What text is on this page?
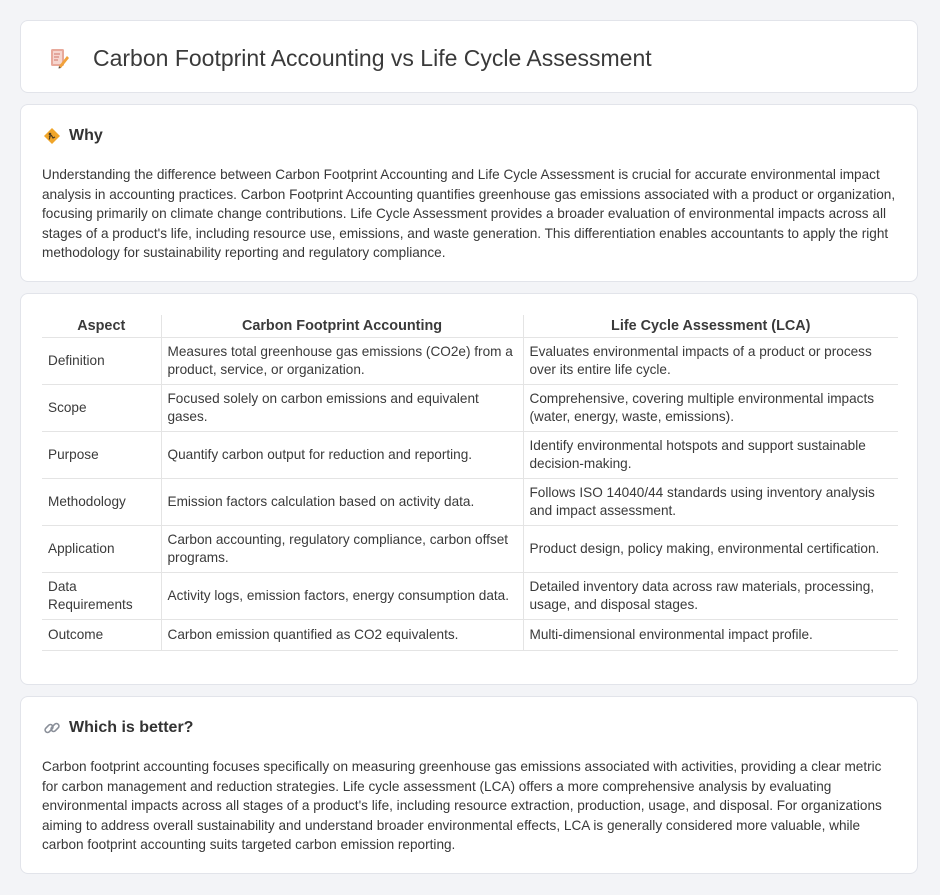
Carbon Footprint Accounting vs Life Cycle Assessment
Why
Understanding the difference between Carbon Footprint Accounting and Life Cycle Assessment is crucial for accurate environmental impact analysis in accounting practices. Carbon Footprint Accounting quantifies greenhouse gas emissions associated with a product or organization, focusing primarily on climate change contributions. Life Cycle Assessment provides a broader evaluation of environmental impacts across all stages of a product's life, including resource use, emissions, and waste generation. This differentiation enables accountants to apply the right methodology for sustainability reporting and regulatory compliance.
Aspect	Carbon Footprint Accounting	Life Cycle Assessment (LCA)
Definition	Measures total greenhouse gas emissions (CO2e) from a product, service, or organization.	Evaluates environmental impacts of a product or process over its entire life cycle.
Scope	Focused solely on carbon emissions and equivalent gases.	Comprehensive, covering multiple environmental impacts (water, energy, waste, emissions).
Purpose	Quantify carbon output for reduction and reporting.	Identify environmental hotspots and support sustainable decision-making.
Methodology	Emission factors calculation based on activity data.	Follows ISO 14040/44 standards using inventory analysis and impact assessment.
Application	Carbon accounting, regulatory compliance, carbon offset programs.	Product design, policy making, environmental certification.
Data Requirements	Activity logs, emission factors, energy consumption data.	Detailed inventory data across raw materials, processing, usage, and disposal stages.
Outcome	Carbon emission quantified as CO2 equivalents.	Multi-dimensional environmental impact profile.
Which is better?
Carbon footprint accounting focuses specifically on measuring greenhouse gas emissions associated with activities, providing a clear metric for carbon management and reduction strategies. Life cycle assessment (LCA) offers a more comprehensive analysis by evaluating environmental impacts across all stages of a product's life, including resource extraction, production, usage, and disposal. For organizations aiming to address overall sustainability and understand broader environmental effects, LCA is generally considered more valuable, while carbon footprint accounting suits targeted carbon emission reporting.
